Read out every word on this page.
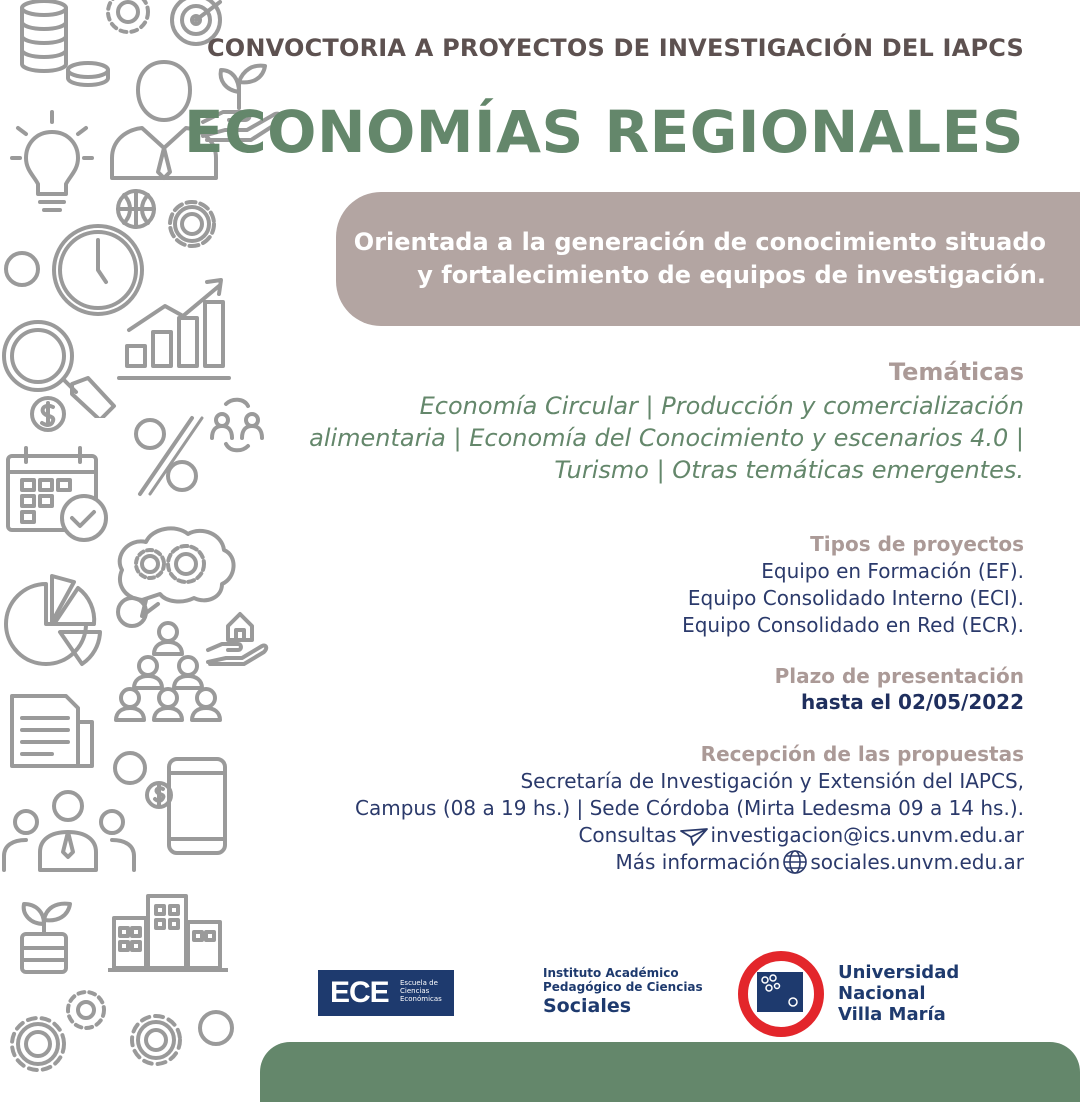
CONVOCTORIA A PROYECTOS DE INVESTIGACIÓN DEL IAPCS
ECONOMÍAS REGIONALES
Orientada a la generación de conocimiento situado
y fortalecimiento de equipos de investigación.
Temáticas
Economía Circular | Producción y comercialización
alimentaria | Economía del Conocimiento y escenarios 4.0 |
Turismo | Otras temáticas emergentes.
Tipos de proyectos
Equipo en Formación (EF).
Equipo Consolidado Interno (ECI).
Equipo Consolidado en Red (ECR).
Plazo de presentación
hasta el 02/05/2022
Recepción de las propuestas
Secretaría de Investigación y Extensión del IAPCS,
Campus (08 a 19 hs.) | Sede Córdoba (Mirta Ledesma 09 a 14 hs.).
Consultas investigacion@ics.unvm.edu.ar
Más información sociales.unvm.edu.ar
ECE Escuela de Ciencias Económicas
Instituto Académico
Pedagógico de Ciencias
Sociales
Universidad
Nacional
Villa María
